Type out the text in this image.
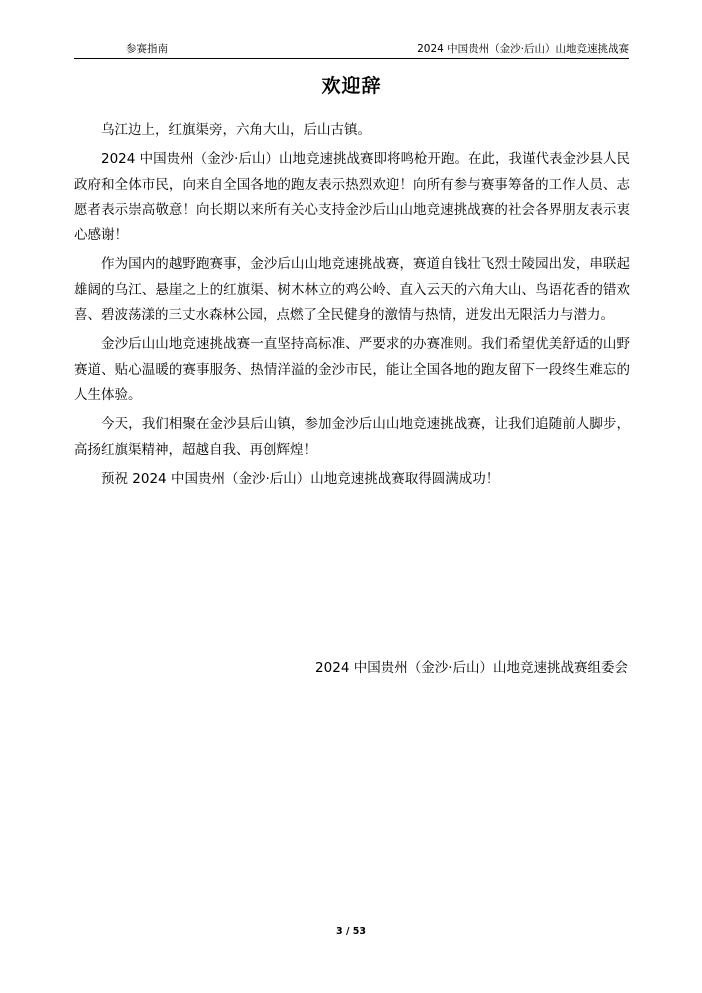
参赛指南	2024 中国贵州（金沙·后山）山地竞速挑战赛
欢迎辞

乌江边上，红旗渠旁，六角大山，后山古镇。

2024 中国贵州（金沙·后山）山地竞速挑战赛即将鸣枪开跑。在此，我谨代表金沙县人民政府和全体市民，向来自全国各地的跑友表示热烈欢迎！向所有参与赛事筹备的工作人员、志愿者表示崇高敬意！向长期以来所有关心支持金沙后山山地竞速挑战赛的社会各界朋友表示衷心感谢！

作为国内的越野跑赛事，金沙后山山地竞速挑战赛，赛道自钱壮飞烈士陵园出发，串联起雄阔的乌江、悬崖之上的红旗渠、树木林立的鸡公岭、直入云天的六角大山、鸟语花香的错欢喜、碧波荡漾的三丈水森林公园，点燃了全民健身的激情与热情，迸发出无限活力与潜力。

金沙后山山地竞速挑战赛一直坚持高标准、严要求的办赛准则。我们希望优美舒适的山野赛道、贴心温暖的赛事服务、热情洋溢的金沙市民，能让全国各地的跑友留下一段终生难忘的人生体验。

今天，我们相聚在金沙县后山镇，参加金沙后山山地竞速挑战赛，让我们追随前人脚步，高扬红旗渠精神，超越自我、再创辉煌！

预祝 2024 中国贵州（金沙·后山）山地竞速挑战赛取得圆满成功！

2024 中国贵州（金沙·后山）山地竞速挑战赛组委会
3 / 53
